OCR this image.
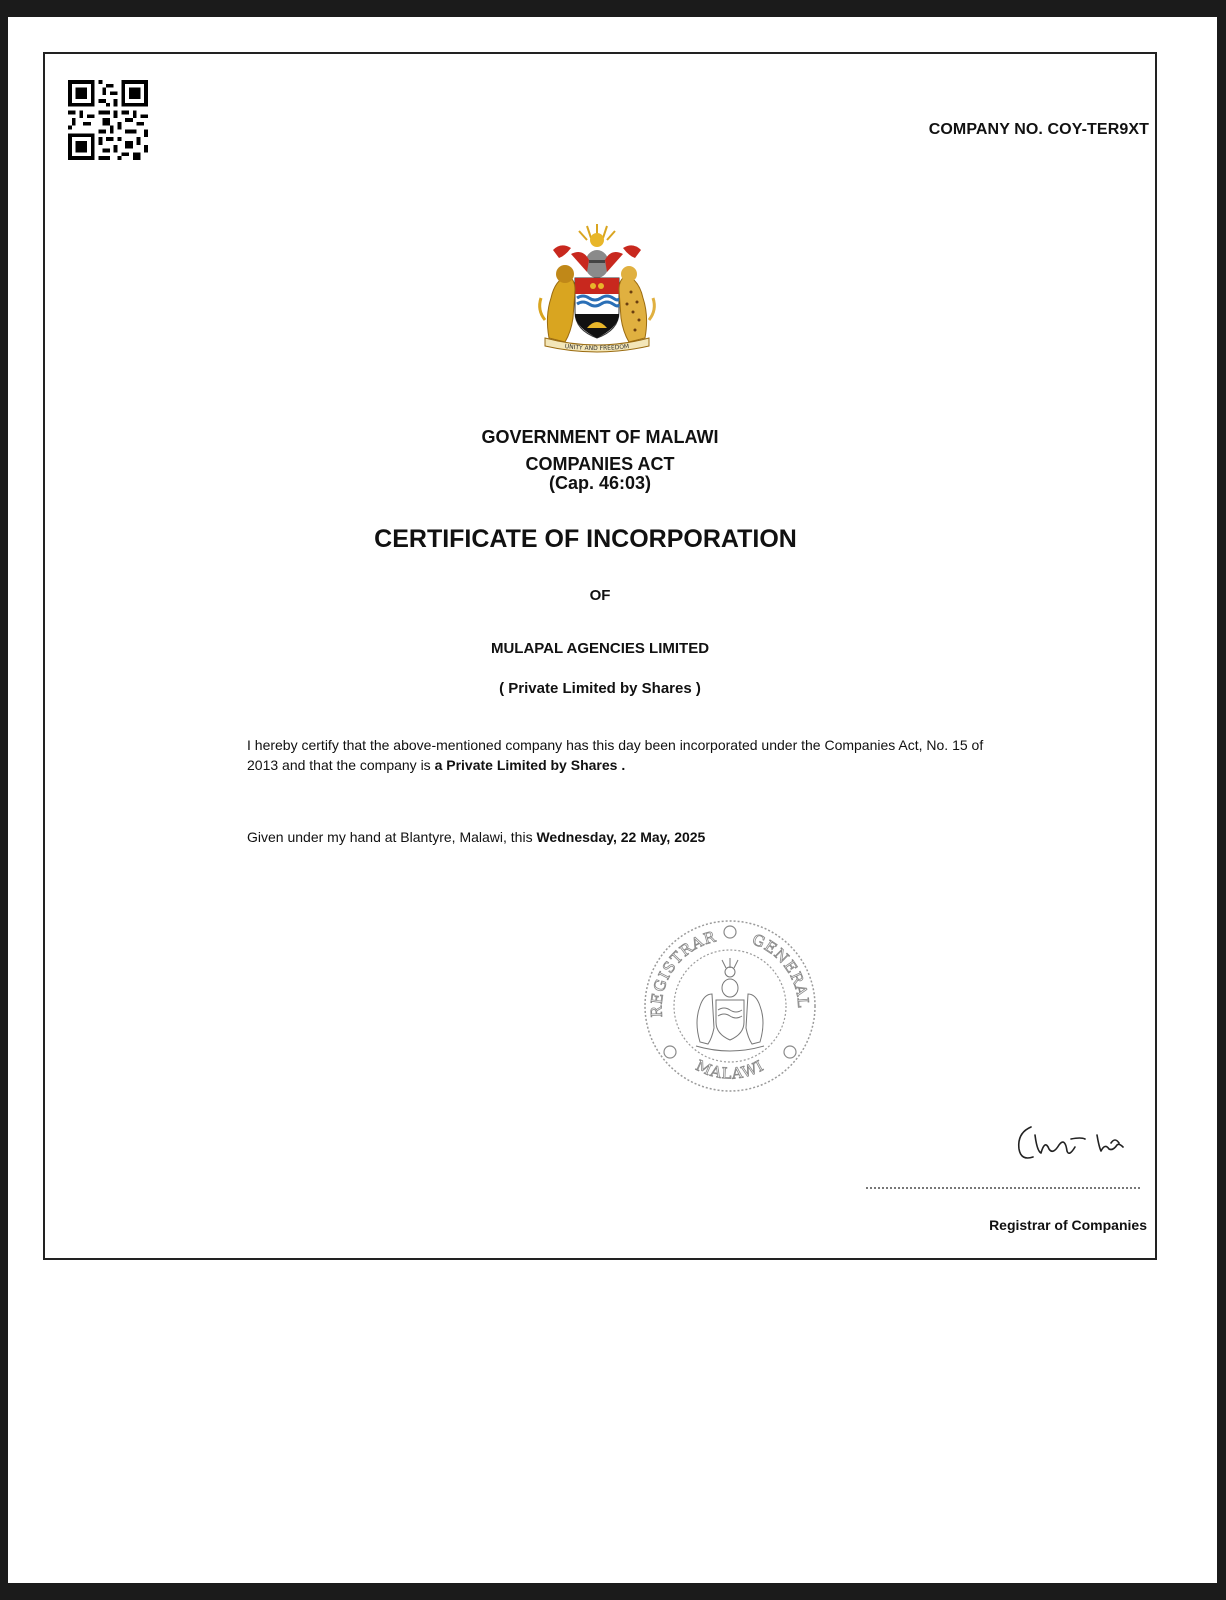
COMPANY NO. COY-TER9XT
UNITY AND FREEDOM
GOVERNMENT OF MALAWI
COMPANIES ACT
(Cap. 46:03)
CERTIFICATE OF INCORPORATION
OF
MULAPAL AGENCIES LIMITED
( Private Limited by Shares )
I hereby certify that the above-mentioned company has this day been incorporated under the Companies Act, No. 15 of 2013 and that the company is a Private Limited by Shares .
Given under my hand at Blantyre, Malawi, this Wednesday, 22 May, 2025
REGISTRAR GENERAL
MALAWI
Registrar of Companies
